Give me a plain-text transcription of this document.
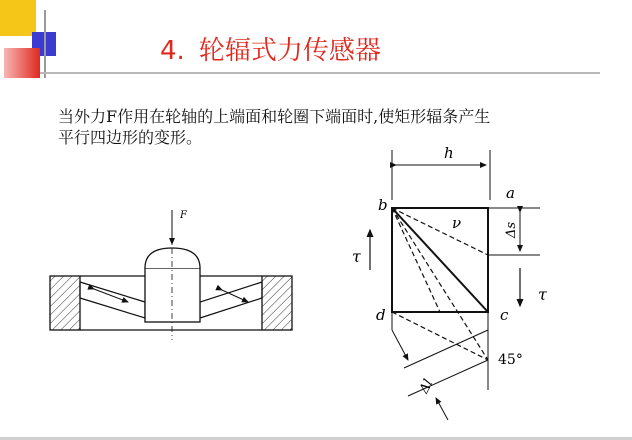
4. 轮辐式力传感器
当外力F作用在轮轴的上端面和轮圈下端面时,使矩形辐条产生
平行四边形的变形。
F
h
Δs
Δl
τ
τ
b
a
c
d
ν
45°
